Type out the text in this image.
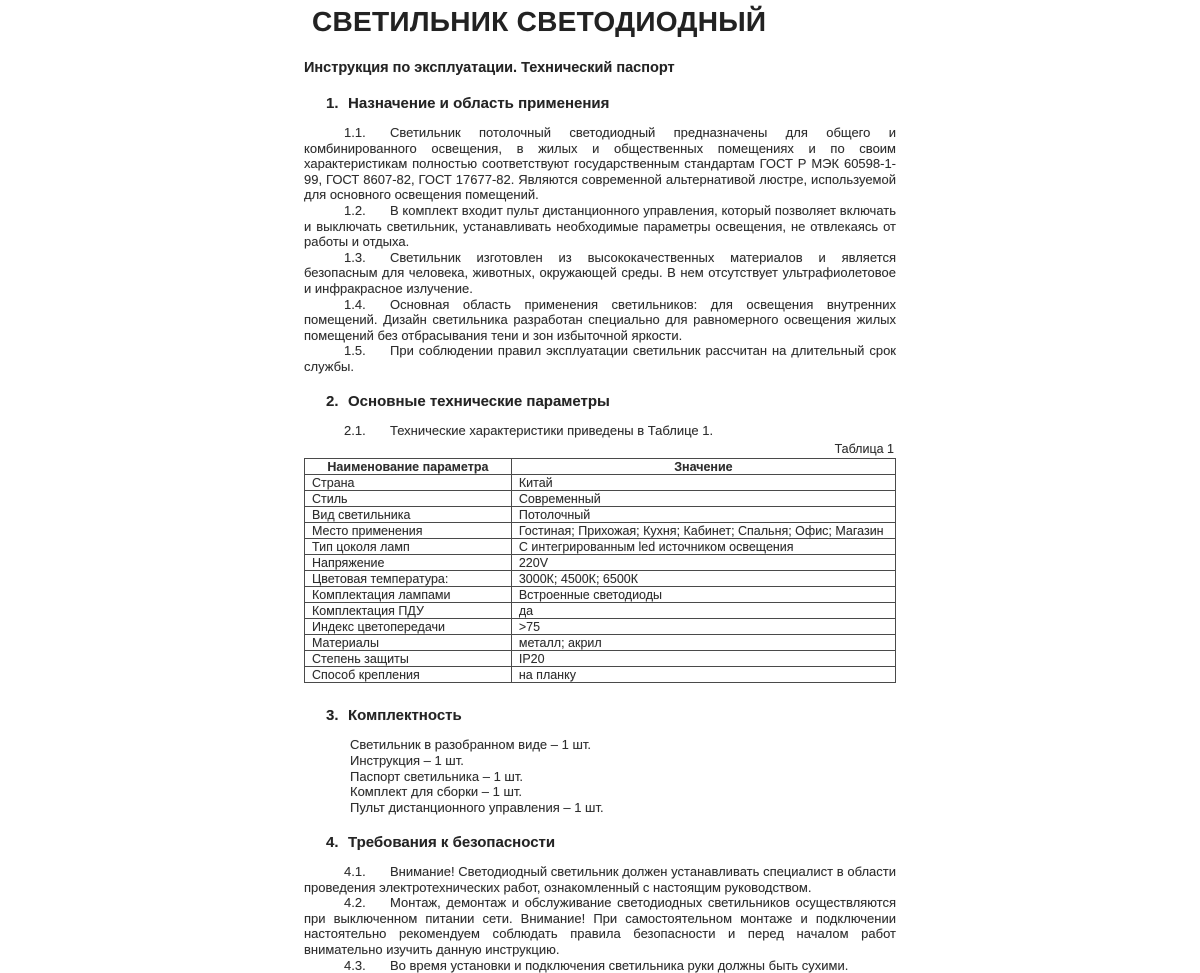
СВЕТИЛЬНИК СВЕТОДИОДНЫЙ

Инструкция по эксплуатации. Технический паспорт

1. Назначение и область применения

1.1. Светильник потолочный светодиодный предназначены для общего и комбинированного освещения, в жилых и общественных помещениях и по своим характеристикам полностью соответствуют государственным стандартам ГОСТ Р МЭК 60598-1-99, ГОСТ 8607-82, ГОСТ 17677-82. Являются современной альтернативой люстре, используемой для основного освещения помещений.

1.2. В комплект входит пульт дистанционного управления, который позволяет включать и выключать светильник, устанавливать необходимые параметры освещения, не отвлекаясь от работы и отдыха.

1.3. Светильник изготовлен из высококачественных материалов и является безопасным для человека, животных, окружающей среды. В нем отсутствует ультрафиолетовое и инфракрасное излучение.

1.4. Основная область применения светильников: для освещения внутренних помещений. Дизайн светильника разработан специально для равномерного освещения жилых помещений без отбрасывания тени и зон избыточной яркости.

1.5. При соблюдении правил эксплуатации светильник рассчитан на длительный срок службы.

2. Основные технические параметры

2.1. Технические характеристики приведены в Таблице 1.

Таблица 1
Наименование параметра	Значение
Страна	Китай
Стиль	Современный
Вид светильника	Потолочный
Место применения	Гостиная; Прихожая; Кухня; Кабинет; Спальня; Офис; Магазин
Тип цоколя ламп	С интегрированным led источником освещения
Напряжение	220V
Цветовая температура:	3000К; 4500К; 6500К
Комплектация лампами	Встроенные светодиоды
Комплектация ПДУ	да
Индекс цветопередачи	>75
Материалы	металл; акрил
Степень защиты	IP20
Способ крепления	на планку
3. Комплектность
Светильник в разобранном виде – 1 шт.
Инструкция – 1 шт.
Паспорт светильника – 1 шт.
Комплект для сборки – 1 шт.
Пульт дистанционного управления – 1 шт.
4. Требования к безопасности

4.1. Внимание! Светодиодный светильник должен устанавливать специалист в области проведения электротехнических работ, ознакомленный с настоящим руководством.

4.2. Монтаж, демонтаж и обслуживание светодиодных светильников осуществляются при выключенном питании сети. Внимание! При самостоятельном монтаже и подключении настоятельно рекомендуем соблюдать правила безопасности и перед началом работ внимательно изучить данную инструкцию.

4.3. Во время установки и подключения светильника руки должны быть сухими.
